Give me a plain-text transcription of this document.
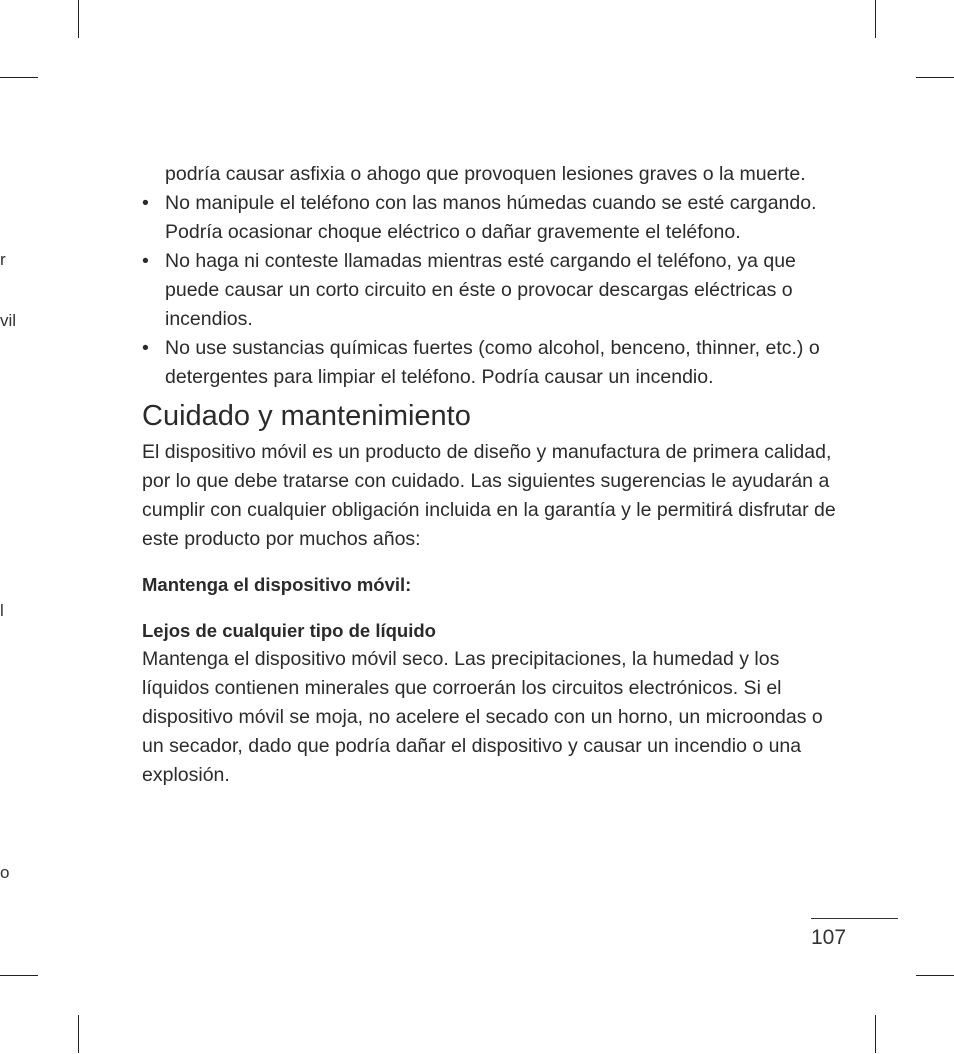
r
vil
l
o

podría causar asfixia o ahogo que provoquen lesiones graves o la muerte.

• No manipule el teléfono con las manos húmedas cuando se esté cargando. Podría ocasionar choque eléctrico o dañar gravemente el teléfono.
• No haga ni conteste llamadas mientras esté cargando el teléfono, ya que puede causar un corto circuito en éste o provocar descargas eléctricas o incendios.
• No use sustancias químicas fuertes (como alcohol, benceno, thinner, etc.) o detergentes para limpiar el teléfono. Podría causar un incendio.
Cuidado y mantenimiento

El dispositivo móvil es un producto de diseño y manufactura de primera calidad, por lo que debe tratarse con cuidado. Las siguientes sugerencias le ayudarán a cumplir con cualquier obligación incluida en la garantía y le permitirá disfrutar de este producto por muchos años:

Mantenga el dispositivo móvil:

Lejos de cualquier tipo de líquido

Mantenga el dispositivo móvil seco. Las precipitaciones, la humedad y los líquidos contienen minerales que corroerán los circuitos electrónicos. Si el dispositivo móvil se moja, no acelere el secado con un horno, un microondas o un secador, dado que podría dañar el dispositivo y causar un incendio o una explosión.

107
